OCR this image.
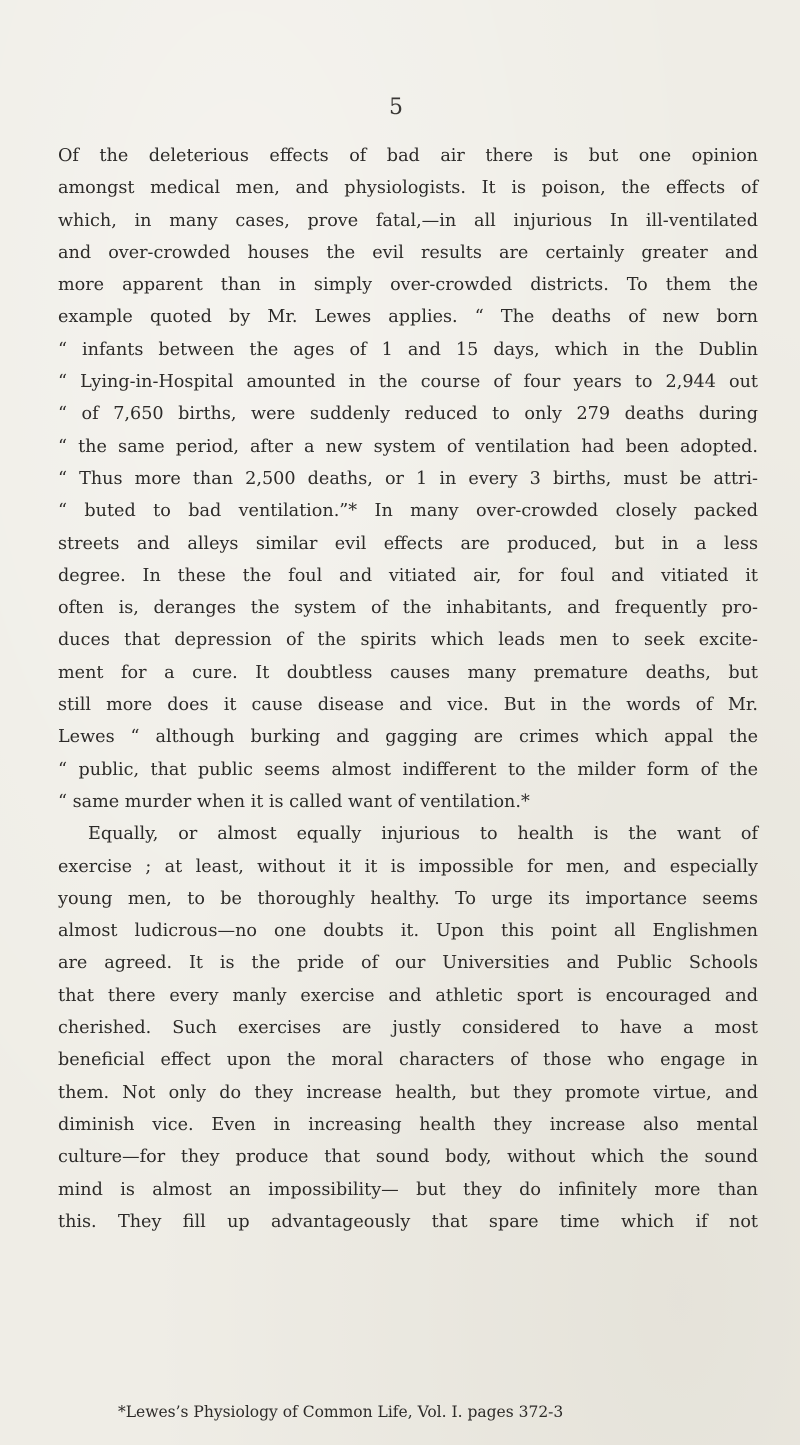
5
Of the deleterious effects of bad air there is but one opinion
amongst medical men, and physiologists. It is poison, the effects of
which, in many cases, prove fatal,—in all injurious In ill-ventilated
and over-crowded houses the evil results are certainly greater and
more apparent than in simply over-crowded districts. To them the
example quoted by Mr. Lewes applies. “ The deaths of new born
“ infants between the ages of 1 and 15 days, which in the Dublin
“ Lying-in-Hospital amounted in the course of four years to 2,944 out
“ of 7,650 births, were suddenly reduced to only 279 deaths during
“ the same period, after a new system of ventilation had been adopted.
“ Thus more than 2,500 deaths, or 1 in every 3 births, must be attri-
“ buted to bad ventilation.”* In many over-crowded closely packed
streets and alleys similar evil effects are produced, but in a less
degree. In these the foul and vitiated air, for foul and vitiated it
often is, deranges the system of the inhabitants, and frequently pro-
duces that depression of the spirits which leads men to seek excite-
ment for a cure. It doubtless causes many premature deaths, but
still more does it cause disease and vice. But in the words of Mr.
Lewes “ although burking and gagging are crimes which appal the
“ public, that public seems almost indifferent to the milder form of the
“ same murder when it is called want of ventilation.*
Equally, or almost equally injurious to health is the want of
exercise ; at least, without it it is impossible for men, and especially
young men, to be thoroughly healthy. To urge its importance seems
almost ludicrous—no one doubts it. Upon this point all Englishmen
are agreed. It is the pride of our Universities and Public Schools
that there every manly exercise and athletic sport is encouraged and
cherished. Such exercises are justly considered to have a most
beneficial effect upon the moral characters of those who engage in
them. Not only do they increase health, but they promote virtue, and
diminish vice. Even in increasing health they increase also mental
culture—for they produce that sound body, without which the sound
mind is almost an impossibility— but they do infinitely more than
this. They fill up advantageously that spare time which if not
*Lewes’s Physiology of Common Life, Vol. I. pages 372-3
